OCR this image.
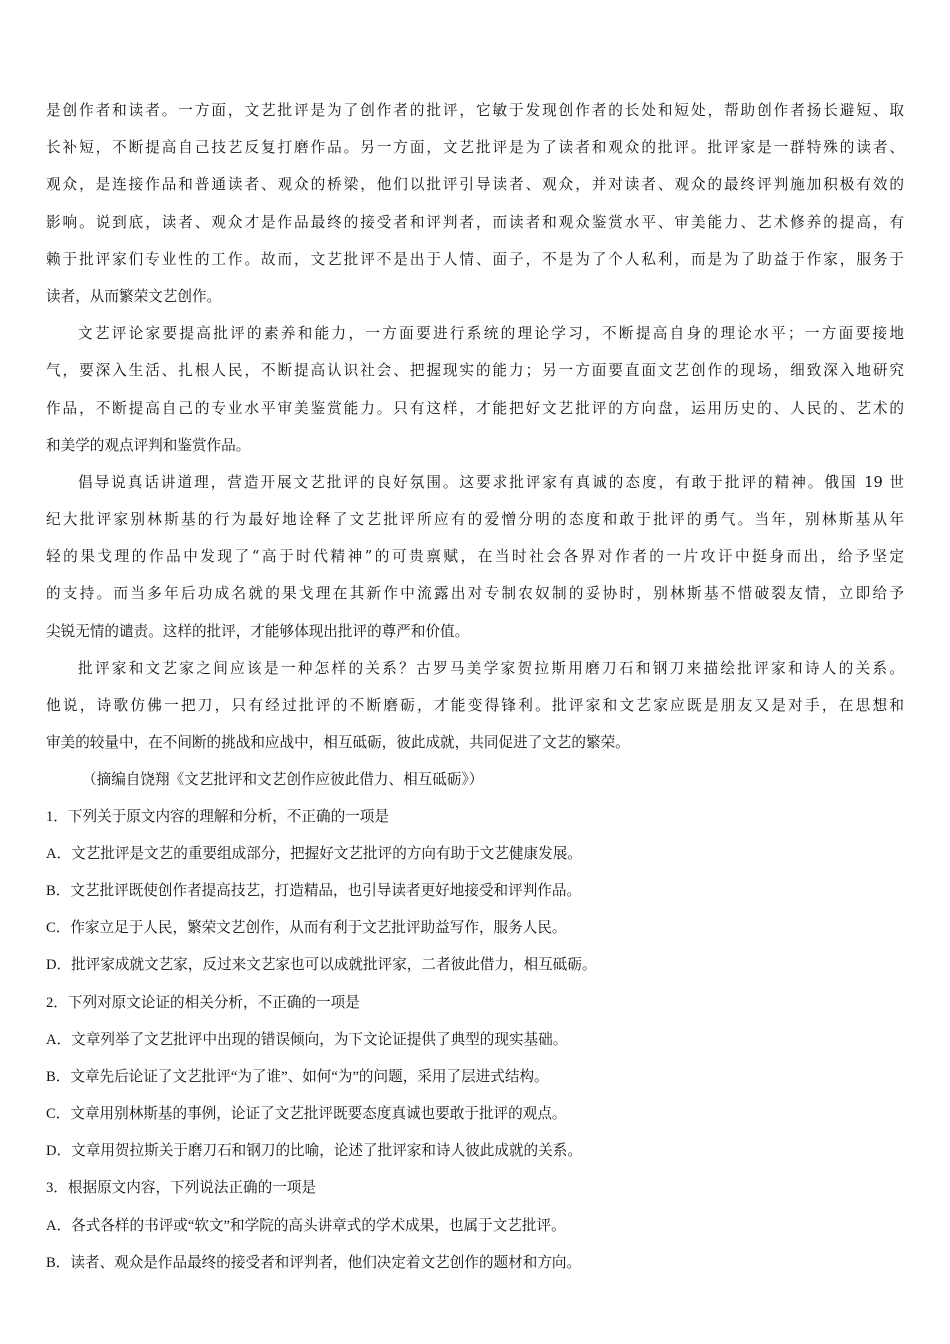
是创作者和读者。一方面，文艺批评是为了创作者的批评，它敏于发现创作者的长处和短处，帮助创作者扬长避短、取
长补短，不断提高自己技艺反复打磨作品。另一方面，文艺批评是为了读者和观众的批评。批评家是一群特殊的读者、
观众，是连接作品和普通读者、观众的桥梁，他们以批评引导读者、观众，并对读者、观众的最终评判施加积极有效的
影响。说到底，读者、观众才是作品最终的接受者和评判者，而读者和观众鉴赏水平、审美能力、艺术修养的提高，有
赖于批评家们专业性的工作。故而，文艺批评不是出于人情、面子，不是为了个人私利，而是为了助益于作家，服务于
读者，从而繁荣文艺创作。
文艺评论家要提高批评的素养和能力，一方面要进行系统的理论学习，不断提高自身的理论水平；一方面要接地
气，要深入生活、扎根人民，不断提高认识社会、把握现实的能力；另一方面要直面文艺创作的现场，细致深入地研究
作品，不断提高自己的专业水平审美鉴赏能力。只有这样，才能把好文艺批评的方向盘，运用历史的、人民的、艺术的
和美学的观点评判和鉴赏作品。
倡导说真话讲道理，营造开展文艺批评的良好氛围。这要求批评家有真诚的态度，有敢于批评的精神。俄国 19 世
纪大批评家别林斯基的行为最好地诠释了文艺批评所应有的爱憎分明的态度和敢于批评的勇气。当年，别林斯基从年
轻的果戈理的作品中发现了“高于时代精神”的可贵禀赋，在当时社会各界对作者的一片攻讦中挺身而出，给予坚定
的支持。而当多年后功成名就的果戈理在其新作中流露出对专制农奴制的妥协时，别林斯基不惜破裂友情，立即给予
尖锐无情的谴责。这样的批评，才能够体现出批评的尊严和价值。
批评家和文艺家之间应该是一种怎样的关系？古罗马美学家贺拉斯用磨刀石和钢刀来描绘批评家和诗人的关系。
他说，诗歌仿佛一把刀，只有经过批评的不断磨砺，才能变得锋利。批评家和文艺家应既是朋友又是对手，在思想和
审美的较量中，在不间断的挑战和应战中，相互砥砺，彼此成就，共同促进了文艺的繁荣。
（摘编自饶翔《文艺批评和文艺创作应彼此借力、相互砥砺》）
1．下列关于原文内容的理解和分析，不正确的一项是
A．文艺批评是文艺的重要组成部分，把握好文艺批评的方向有助于文艺健康发展。
B．文艺批评既使创作者提高技艺，打造精品，也引导读者更好地接受和评判作品。
C．作家立足于人民，繁荣文艺创作，从而有利于文艺批评助益写作，服务人民。
D．批评家成就文艺家，反过来文艺家也可以成就批评家，二者彼此借力，相互砥砺。
2．下列对原文论证的相关分析，不正确的一项是
A．文章列举了文艺批评中出现的错误倾向，为下文论证提供了典型的现实基础。
B．文章先后论证了文艺批评“为了谁”、如何“为”的问题，采用了层进式结构。
C．文章用别林斯基的事例，论证了文艺批评既要态度真诚也要敢于批评的观点。
D．文章用贺拉斯关于磨刀石和钢刀的比喻，论述了批评家和诗人彼此成就的关系。
3．根据原文内容，下列说法正确的一项是
A．各式各样的书评或“软文”和学院的高头讲章式的学术成果，也属于文艺批评。
B．读者、观众是作品最终的接受者和评判者，他们决定着文艺创作的题材和方向。
